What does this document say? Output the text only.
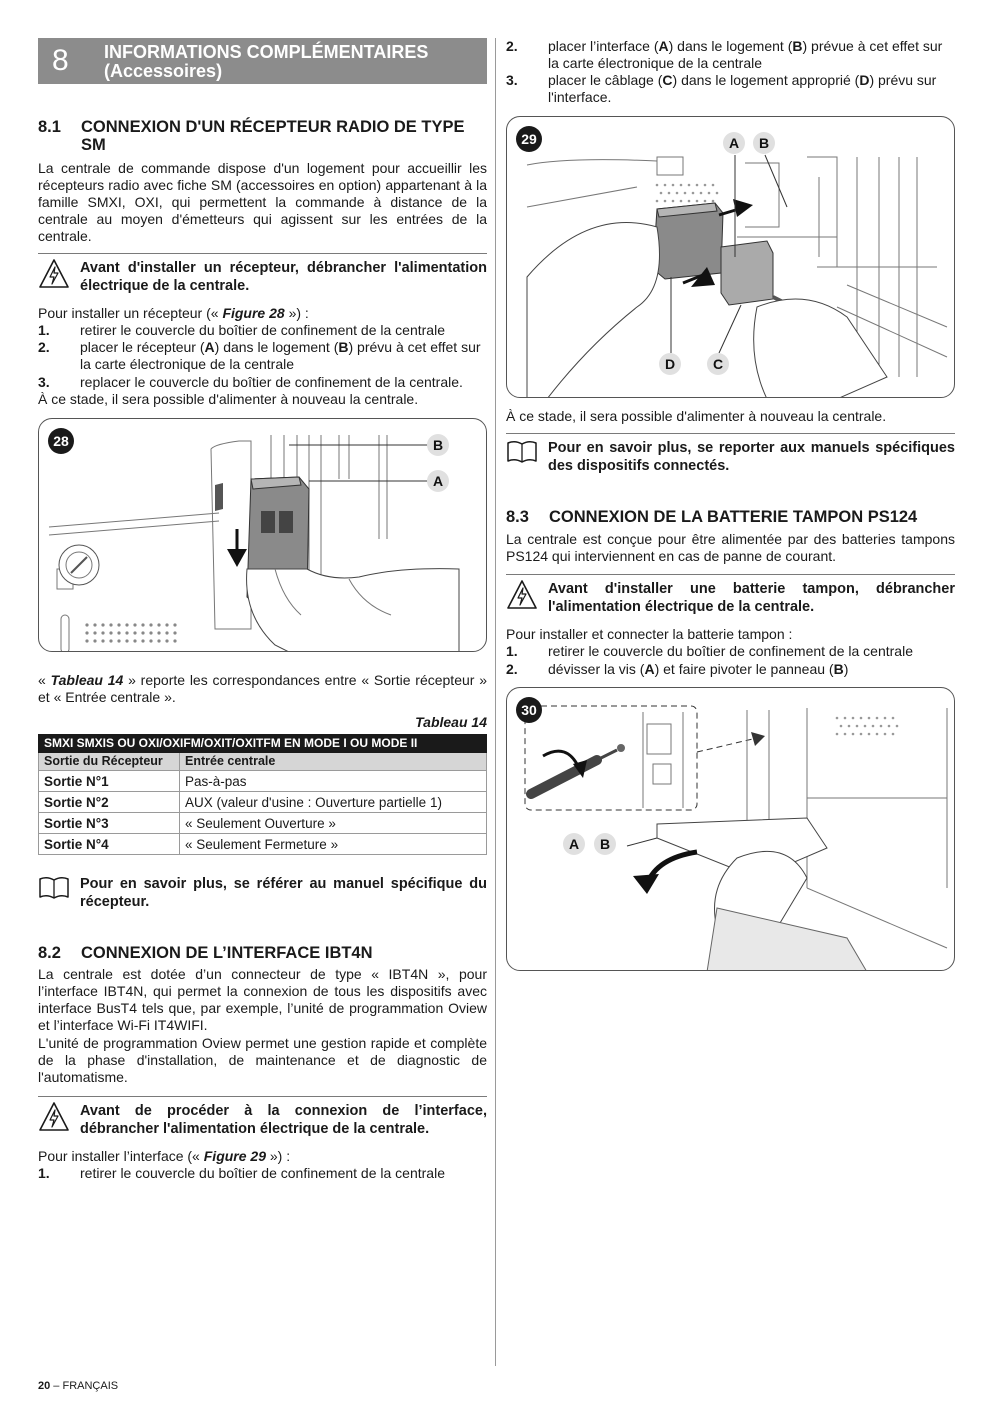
8 INFORMATIONS COMPLÉMENTAIRES
(Accessoires)
8.1 CONNEXION D'UN RÉCEPTEUR RADIO DE TYPE SM
La centrale de commande dispose d'un logement pour accueillir les récepteurs radio avec fiche SM (accessoires en option) appartenant à la famille SMXI, OXI, qui permettent la commande à distance de la centrale au moyen d'émetteurs qui agissent sur les entrées de la centrale.
Avant d'installer un récepteur, débrancher l'alimentation électrique de la centrale.
Pour installer un récepteur (« Figure 28 ») :
1. retirer le couvercle du boîtier de confinement de la centrale
2. placer le récepteur (A) dans le logement (B) prévu à cet effet sur la carte électronique de la centrale
3. replacer le couvercle du boîtier de confinement de la centrale.
À ce stade, il sera possible d'alimenter à nouveau la centrale.
28	B
A
« Tableau 14 » reporte les correspondances entre « Sortie récepteur » et « Entrée centrale ».
Tableau 14
SMXI SMXIS OU OXI/OXIFM/OXIT/OXITFM EN MODE I OU MODE II	
Sortie du Récepteur	Entrée centrale
Sortie N°1	Pas-à-pas
Sortie N°2	AUX (valeur d'usine : Ouverture partielle 1)
Sortie N°3	« Seulement Ouverture »
Sortie N°4	« Seulement Fermeture »
Pour en savoir plus, se référer au manuel spécifique du récepteur.
8.2 CONNEXION DE L’INTERFACE IBT4N
La centrale est dotée d’un connecteur de type « IBT4N », pour l’interface IBT4N, qui permet la connexion de tous les dispositifs avec interface BusT4 tels que, par exemple, l’unité de programmation Oview et l’interface Wi-Fi IT4WIFI.
L'unité de programmation Oview permet une gestion rapide et complète de la phase d'installation, de maintenance et de diagnostic de l'automatisme.
Avant de procéder à la connexion de l’interface, débrancher l'alimentation électrique de la centrale.
Pour installer l’interface (« Figure 29 ») :
1. retirer le couvercle du boîtier de confinement de la centrale
2. placer l’interface (A) dans le logement (B) prévue à cet effet sur la carte électronique de la centrale
3. placer le câblage (C) dans le logement approprié (D) prévu sur l'interface.
29	A	B
D	C
À ce stade, il sera possible d'alimenter à nouveau la centrale.
Pour en savoir plus, se reporter aux manuels spécifiques des dispositifs connectés.
8.3 CONNEXION DE LA BATTERIE TAMPON PS124
La centrale est conçue pour être alimentée par des batteries tampons PS124 qui interviennent en cas de panne de courant.
Avant d'installer une batterie tampon, débrancher l'alimentation électrique de la centrale.
Pour installer et connecter la batterie tampon :
1. retirer le couvercle du boîtier de confinement de la centrale
2. dévisser la vis (A) et faire pivoter le panneau (B)
30
A	B
20 – FRANÇAIS
